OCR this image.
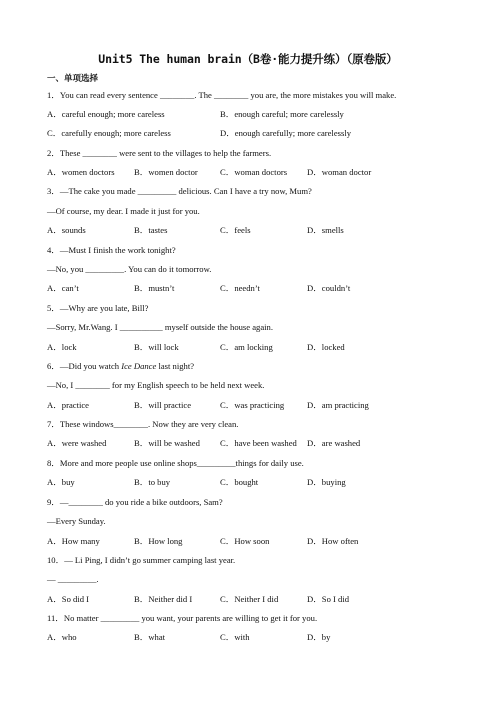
Unit5 The human brain（B卷·能力提升练）（原卷版）
一、单项选择
1．You can read every sentence ________. The ________ you are, the more mistakes you will make.
A．careful enough; more careless	B．enough careful; more carelessly
C．carefully enough; more careless	D．enough carefully; more carelessly
2．These ________ were sent to the villages to help the farmers.
A．women doctors B．women doctor	C．woman doctors D．woman doctor
3．—The cake you made _________ delicious. Can I have a try now, Mum?
—Of course, my dear. I made it just for you.
A．sounds	B．tastes	C．feels	D．smells
4．—Must I finish the work tonight?
—No, you _________. You can do it tomorrow.
A．can’t	B．mustn’t	C．needn’t	D．couldn’t
5．—Why are you late, Bill?
—Sorry, Mr.Wang. I __________ myself outside the house again.
A．lock	B．will lock	C．am locking	D．locked
6．—Did you watch Ice Dance last night?
—No, I ________ for my English speech to be held next week.
A．practice	B．will practice	C．was practicing	D．am practicing
7．These windows________. Now they are very clean.
A．were washed	B．will be washed C．have been washed D．are washed
8．More and more people use online shops_________things for daily use.
A．buy	B．to buy	C．bought	D．buying
9．—________ do you ride a bike outdoors, Sam?
—Every Sunday.
A．How many	B．How long	C．How soon	D．How often
10．— Li Ping, I didn’t go summer camping last year.
— _________.
A．So did I	B．Neither did I	C．Neither I did	D．So I did
11．No matter _________ you want, your parents are willing to get it for you.
A．who	B．what	C．with	D．by
